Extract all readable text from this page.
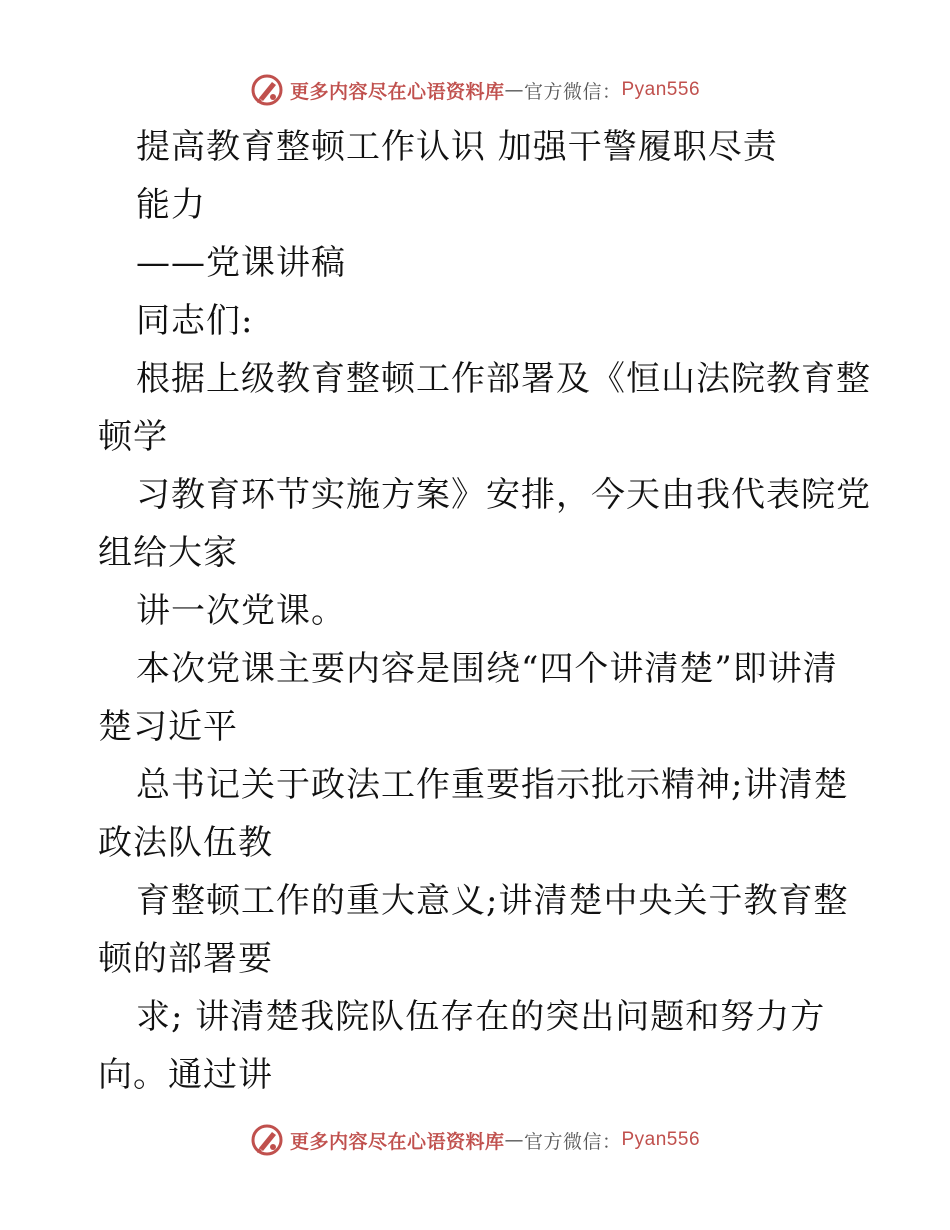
更多内容尽在心语资料库 — 官方微信： Pyan556
提高教育整顿工作认识 加强干警履职尽责
能力
——党课讲稿
同志们:
根据上级教育整顿工作部署及《恒山法院教育整
顿学
习教育环节实施方案》安排，今天由我代表院党
组给大家
讲一次党课。
本次党课主要内容是围绕“四个讲清楚”即讲清
楚习近平
总书记关于政法工作重要指示批示精神;讲清楚
政法队伍教
育整顿工作的重大意义;讲清楚中央关于教育整
顿的部署要
求; 讲清楚我院队伍存在的突出问题和努力方
向。通过讲
更多内容尽在心语资料库 — 官方微信： Pyan556
